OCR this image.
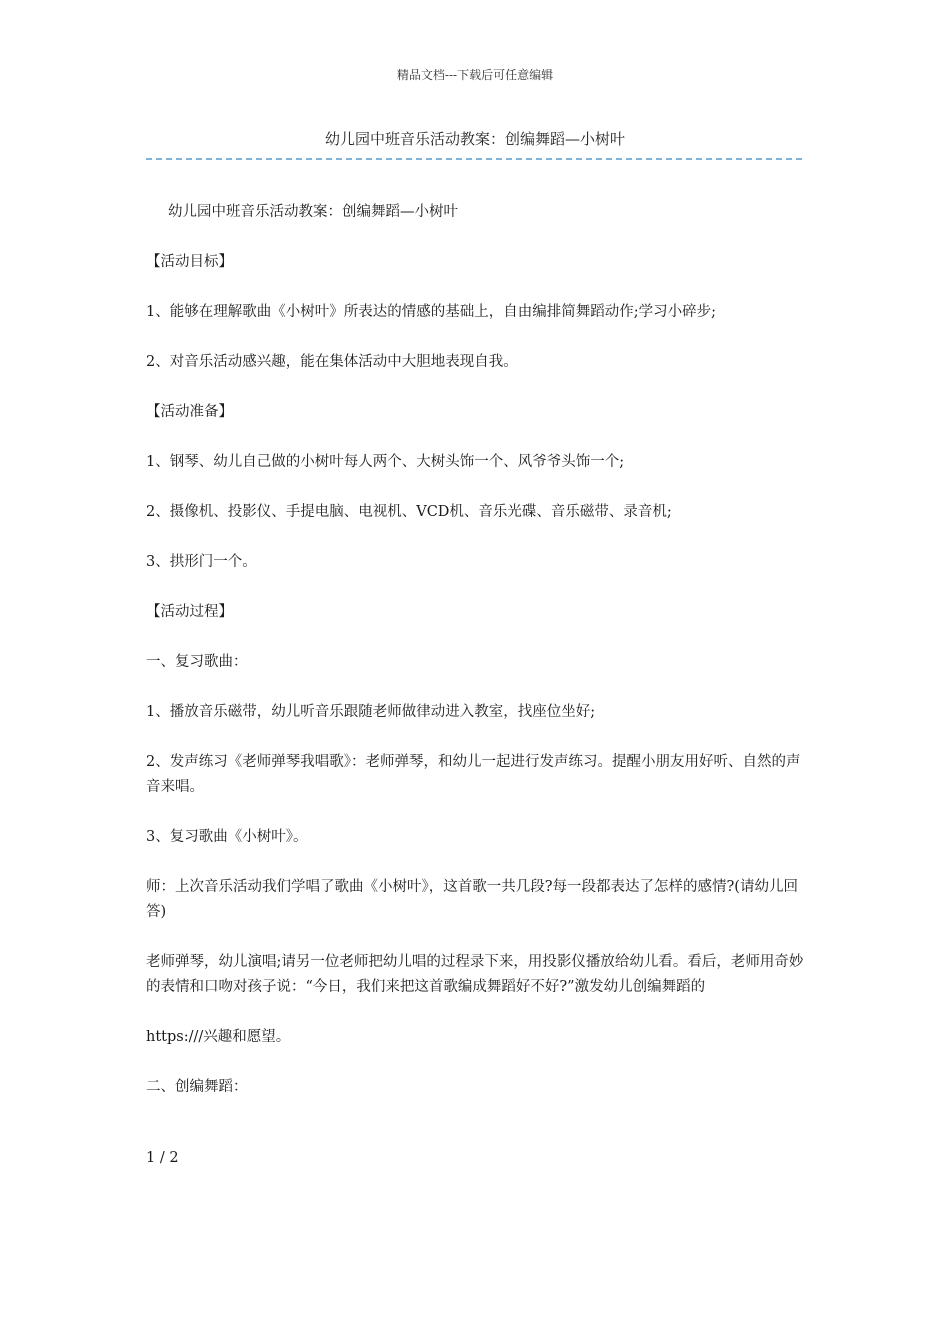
精品文档---下载后可任意编辑
幼儿园中班音乐活动教案：创编舞蹈—小树叶

幼儿园中班音乐活动教案：创编舞蹈—小树叶

【活动目标】

1、能够在理解歌曲《小树叶》所表达的情感的基础上，自由编排简舞蹈动作;学习小碎步;

2、对音乐活动感兴趣，能在集体活动中大胆地表现自我。

【活动准备】

1、钢琴、幼儿自己做的小树叶每人两个、大树头饰一个、风爷爷头饰一个;

2、摄像机、投影仪、手提电脑、电视机、VCD机、音乐光碟、音乐磁带、录音机;

3、拱形门一个。

【活动过程】

一、复习歌曲：

1、播放音乐磁带，幼儿听音乐跟随老师做律动进入教室，找座位坐好;

2、发声练习《老师弹琴我唱歌》：老师弹琴，和幼儿一起进行发声练习。提醒小朋友用好听、自然的声音来唱。

3、复习歌曲《小树叶》。

师：上次音乐活动我们学唱了歌曲《小树叶》，这首歌一共几段?每一段都表达了怎样的感情?(请幼儿回答)

老师弹琴，幼儿演唱;请另一位老师把幼儿唱的过程录下来，用投影仪播放给幼儿看。看后，老师用奇妙的表情和口吻对孩子说：“今日，我们来把这首歌编成舞蹈好不好?”激发幼儿创编舞蹈的

https:///兴趣和愿望。

二、创编舞蹈：

1 / 2
